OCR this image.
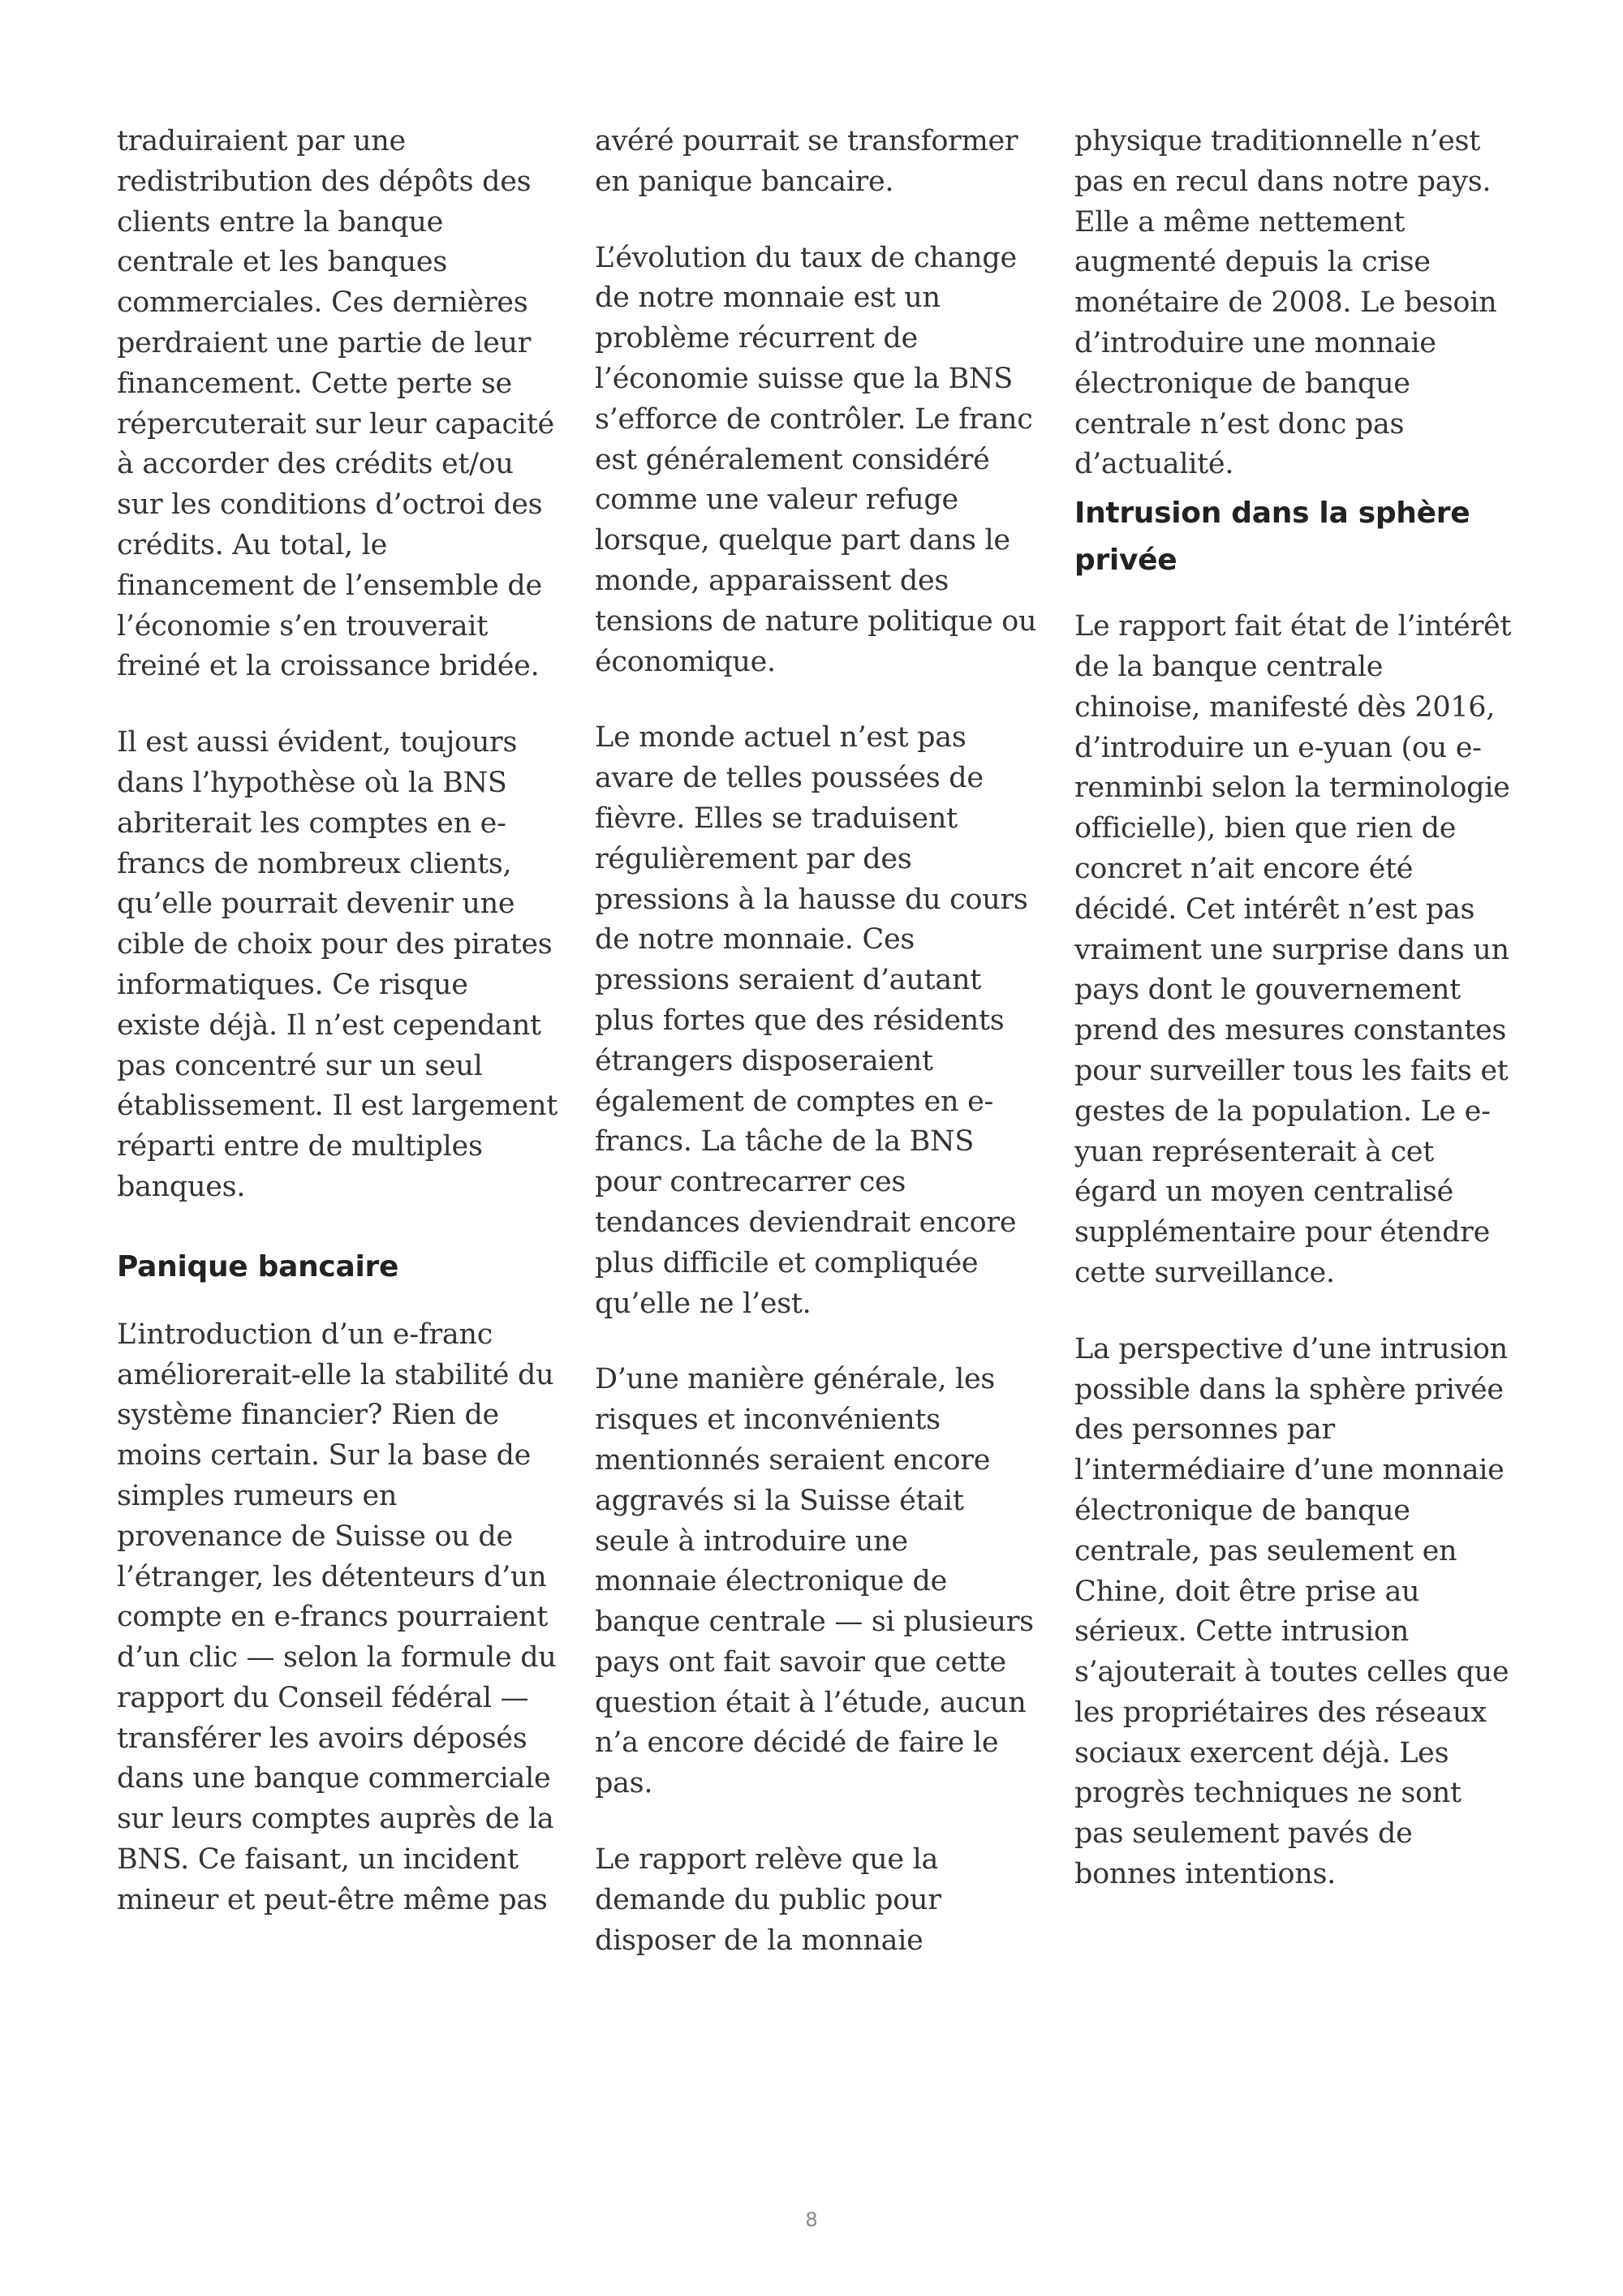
traduiraient par une redistribution des dépôts des clients entre la banque centrale et les banques commerciales. Ces dernières perdraient une partie de leur financement. Cette perte se répercuterait sur leur capacité à accorder des crédits et/ou sur les conditions d’octroi des crédits. Au total, le financement de l’ensemble de l’économie s’en trouverait freiné et la croissance bridée.

Il est aussi évident, toujours dans l’hypothèse où la BNS abriterait les comptes en e-francs de nombreux clients, qu’elle pourrait devenir une cible de choix pour des pirates informatiques. Ce risque existe déjà. Il n’est cependant pas concentré sur un seul établissement. Il est largement réparti entre de multiples banques.

Panique bancaire

L’introduction d’un e-franc améliorerait-elle la stabilité du système financier? Rien de moins certain. Sur la base de simples rumeurs en provenance de Suisse ou de l’étranger, les détenteurs d’un compte en e-francs pourraient d’un clic — selon la formule du rapport du Conseil fédéral — transférer les avoirs déposés dans une banque commerciale sur leurs comptes auprès de la BNS. Ce faisant, un incident mineur et peut-être même pas

avéré pourrait se transformer en panique bancaire.

L’évolution du taux de change de notre monnaie est un problème récurrent de l’économie suisse que la BNS s’efforce de contrôler. Le franc est généralement considéré comme une valeur refuge lorsque, quelque part dans le monde, apparaissent des tensions de nature politique ou économique.

Le monde actuel n’est pas avare de telles poussées de fièvre. Elles se traduisent régulièrement par des pressions à la hausse du cours de notre monnaie. Ces pressions seraient d’autant plus fortes que des résidents étrangers disposeraient également de comptes en e-francs. La tâche de la BNS pour contrecarrer ces tendances deviendrait encore plus difficile et compliquée qu’elle ne l’est.

D’une manière générale, les risques et inconvénients mentionnés seraient encore aggravés si la Suisse était seule à introduire une monnaie électronique de banque centrale — si plusieurs pays ont fait savoir que cette question était à l’étude, aucun n’a encore décidé de faire le pas.

Le rapport relève que la demande du public pour disposer de la monnaie

physique traditionnelle n’est pas en recul dans notre pays. Elle a même nettement augmenté depuis la crise monétaire de 2008. Le besoin d’introduire une monnaie électronique de banque centrale n’est donc pas d’actualité.

Intrusion dans la sphère privée

Le rapport fait état de l’intérêt de la banque centrale chinoise, manifesté dès 2016, d’introduire un e-yuan (ou e-renminbi selon la terminologie officielle), bien que rien de concret n’ait encore été décidé. Cet intérêt n’est pas vraiment une surprise dans un pays dont le gouvernement prend des mesures constantes pour surveiller tous les faits et gestes de la population. Le e-yuan représenterait à cet égard un moyen centralisé supplémentaire pour étendre cette surveillance.

La perspective d’une intrusion possible dans la sphère privée des personnes par l’intermédiaire d’une monnaie électronique de banque centrale, pas seulement en Chine, doit être prise au sérieux. Cette intrusion s’ajouterait à toutes celles que les propriétaires des réseaux sociaux exercent déjà. Les progrès techniques ne sont pas seulement pavés de bonnes intentions.

8
